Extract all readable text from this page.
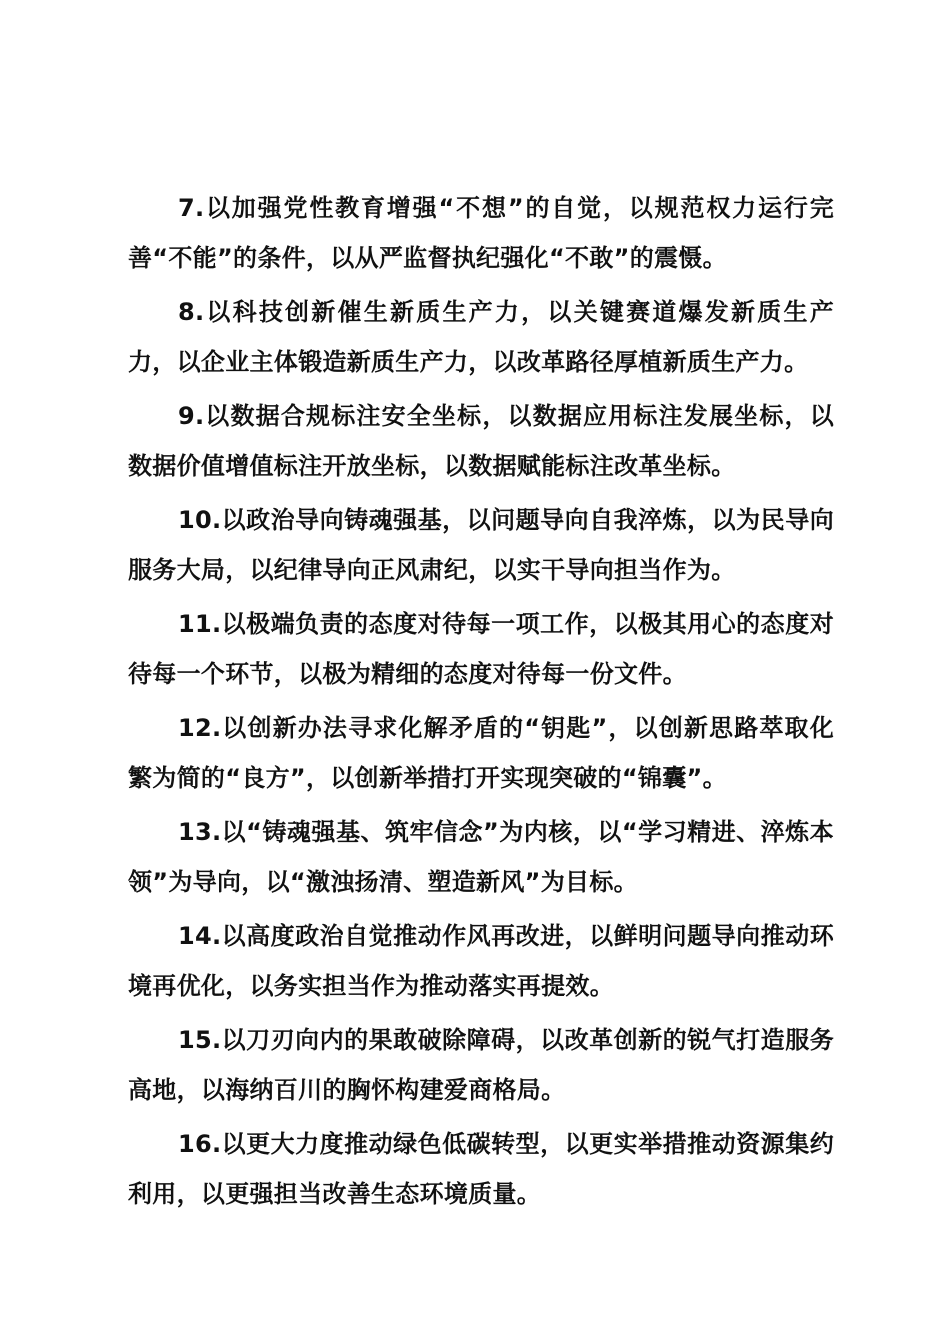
7.以加强党性教育增强“不想”的自觉，以规范权力运行完善“不能”的条件，以从严监督执纪强化“不敢”的震慑。

8.以科技创新催生新质生产力，以关键赛道爆发新质生产力，以企业主体锻造新质生产力，以改革路径厚植新质生产力。

9.以数据合规标注安全坐标，以数据应用标注发展坐标，以数据价值增值标注开放坐标，以数据赋能标注改革坐标。

10.以政治导向铸魂强基，以问题导向自我淬炼，以为民导向服务大局，以纪律导向正风肃纪，以实干导向担当作为。

11.以极端负责的态度对待每一项工作，以极其用心的态度对待每一个环节，以极为精细的态度对待每一份文件。

12.以创新办法寻求化解矛盾的“钥匙”，以创新思路萃取化繁为简的“良方”，以创新举措打开实现突破的“锦囊”。

13.以“铸魂强基、筑牢信念”为内核，以“学习精进、淬炼本领”为导向，以“激浊扬清、塑造新风”为目标。

14.以高度政治自觉推动作风再改进，以鲜明问题导向推动环境再优化，以务实担当作为推动落实再提效。

15.以刀刃向内的果敢破除障碍，以改革创新的锐气打造服务高地，以海纳百川的胸怀构建爱商格局。

16.以更大力度推动绿色低碳转型，以更实举措推动资源集约利用，以更强担当改善生态环境质量。
